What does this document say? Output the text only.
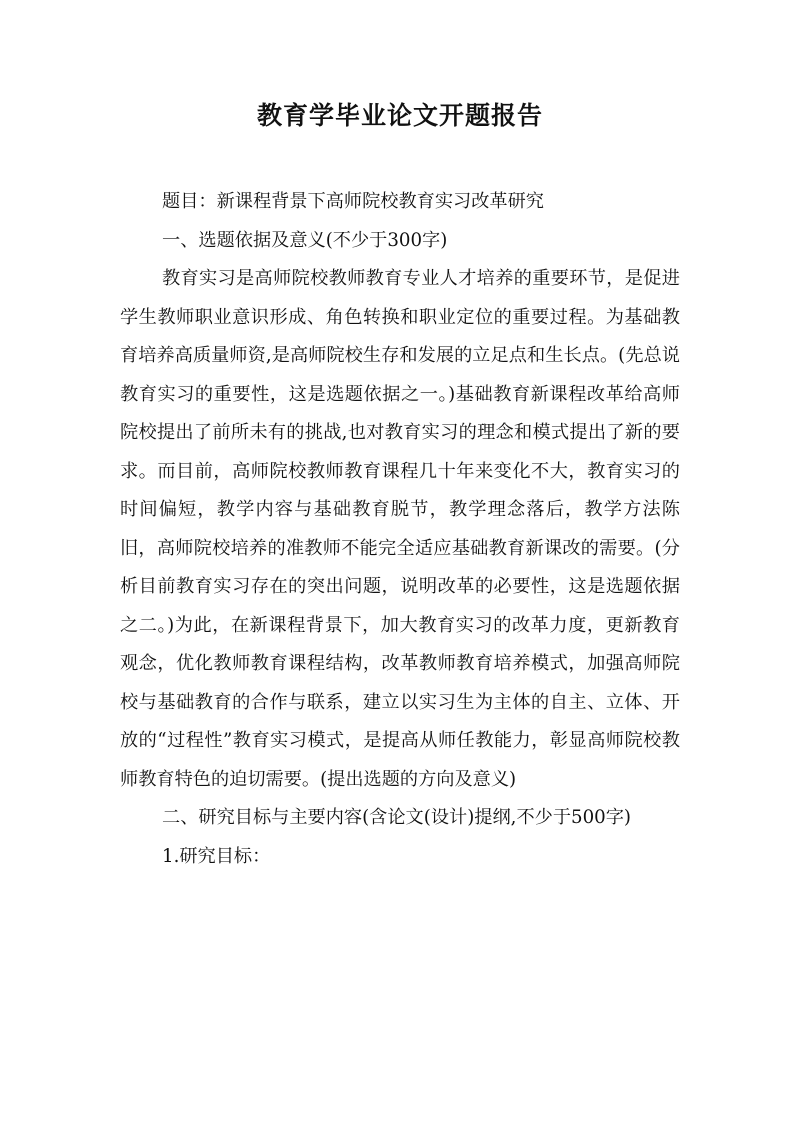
教育学毕业论文开题报告

题目：新课程背景下高师院校教育实习改革研究

一、选题依据及意义(不少于300字)

教育实习是高师院校教师教育专业人才培养的重要环节，是促进学生教师职业意识形成、角色转换和职业定位的重要过程。为基础教育培养高质量师资,是高师院校生存和发展的立足点和生长点。(先总说教育实习的重要性，这是选题依据之一。)基础教育新课程改革给高师院校提出了前所未有的挑战,也对教育实习的理念和模式提出了新的要求。而目前，高师院校教师教育课程几十年来变化不大，教育实习的时间偏短，教学内容与基础教育脱节，教学理念落后，教学方法陈旧，高师院校培养的准教师不能完全适应基础教育新课改的需要。(分析目前教育实习存在的突出问题，说明改革的必要性，这是选题依据之二。)为此，在新课程背景下，加大教育实习的改革力度，更新教育观念，优化教师教育课程结构，改革教师教育培养模式，加强高师院校与基础教育的合作与联系，建立以实习生为主体的自主、立体、开放的“过程性”教育实习模式，是提高从师任教能力，彰显高师院校教师教育特色的迫切需要。(提出选题的方向及意义)

二、研究目标与主要内容(含论文(设计)提纲,不少于500字)

1.研究目标：
